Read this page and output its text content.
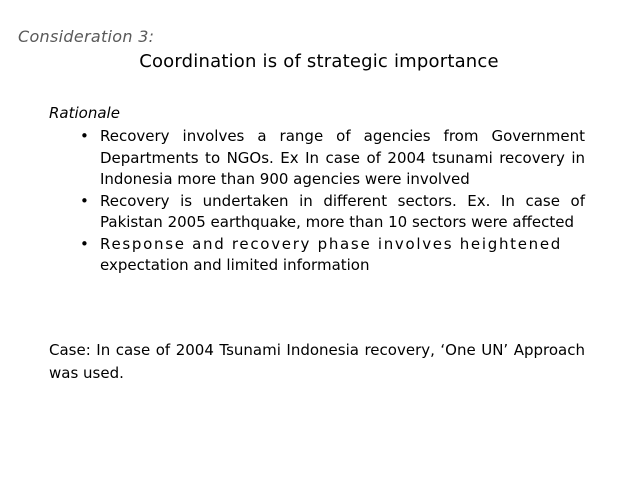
Consideration 3:
Coordination is of strategic importance
Rationale
• Recovery involves a range of agencies from Government Departments to NGOs. Ex In case of 2004 tsunami recovery in Indonesia more than 900 agencies were involved
• Recovery is undertaken in different sectors. Ex. In case of Pakistan 2005 earthquake, more than 10 sectors were affected
• Response and recovery phase involves heightened
expectation and limited information
Case: In case of 2004 Tsunami Indonesia recovery, ‘One UN’ Approach was used.
